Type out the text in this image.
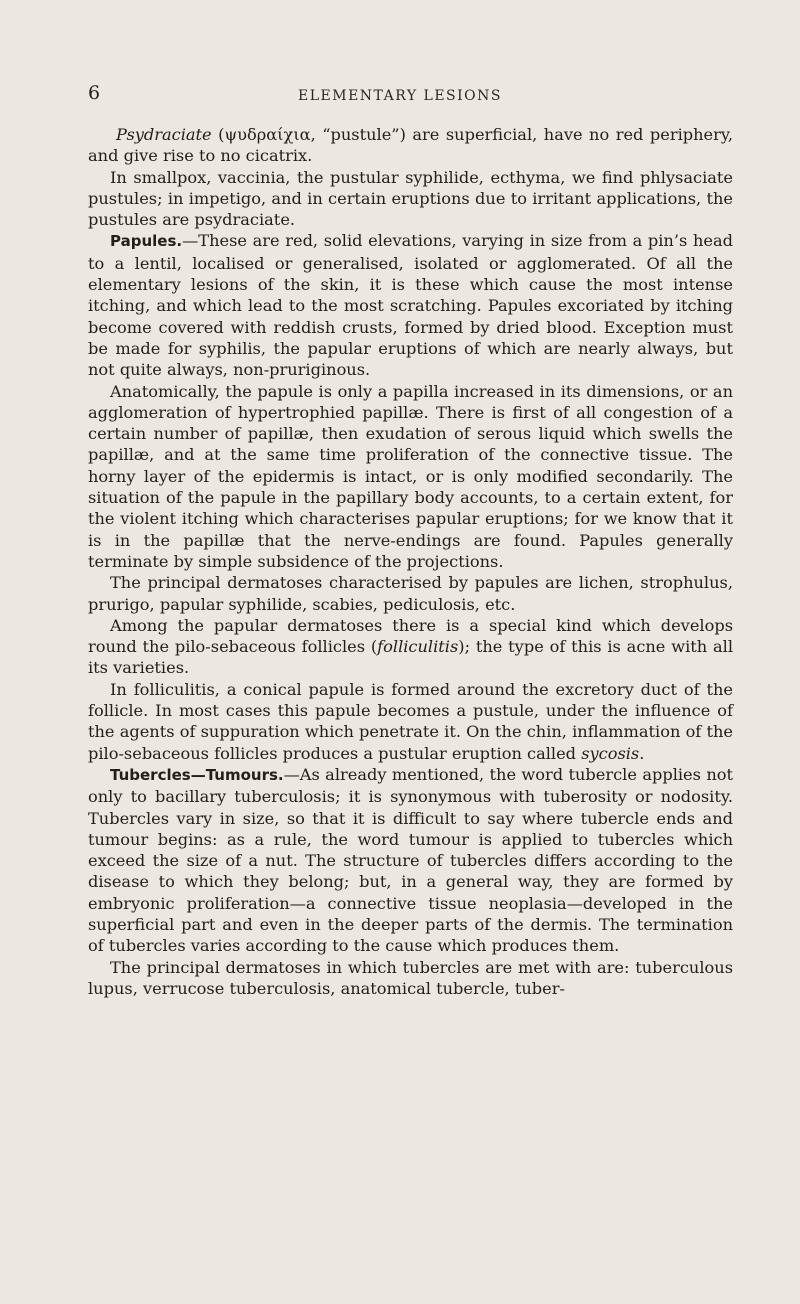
6	ELEMENTARY LESIONS

Psydraciate (ψυδραίχια, “pustule”) are superficial, have no red periphery, and give rise to no cicatrix.

In smallpox, vaccinia, the pustular syphilide, ecthyma, we find phlysaciate pustules; in impetigo, and in certain eruptions due to irritant applications, the pustules are psydraciate.

Papules.—These are red, solid elevations, varying in size from a pin’s head to a lentil, localised or generalised, isolated or agglomerated. Of all the elementary lesions of the skin, it is these which cause the most intense itching, and which lead to the most scratching. Papules excoriated by itching become covered with reddish crusts, formed by dried blood. Exception must be made for syphilis, the papular eruptions of which are nearly always, but not quite always, non-pruriginous.

Anatomically, the papule is only a papilla increased in its dimensions, or an agglomeration of hypertrophied papillæ. There is first of all congestion of a certain number of papillæ, then exudation of serous liquid which swells the papillæ, and at the same time proliferation of the connective tissue. The horny layer of the epidermis is intact, or is only modified secondarily. The situation of the papule in the papillary body accounts, to a certain extent, for the violent itching which characterises papular eruptions; for we know that it is in the papillæ that the nerve-endings are found. Papules generally terminate by simple subsidence of the projections.

The principal dermatoses characterised by papules are lichen, strophulus, prurigo, papular syphilide, scabies, pediculosis, etc.

Among the papular dermatoses there is a special kind which develops round the pilo-sebaceous follicles (folliculitis); the type of this is acne with all its varieties.

In folliculitis, a conical papule is formed around the excretory duct of the follicle. In most cases this papule becomes a pustule, under the influence of the agents of suppuration which penetrate it. On the chin, inflammation of the pilo-sebaceous follicles produces a pustular eruption called sycosis.

Tubercles—Tumours.—As already mentioned, the word tubercle applies not only to bacillary tuberculosis; it is synonymous with tuberosity or nodosity. Tubercles vary in size, so that it is difficult to say where tubercle ends and tumour begins: as a rule, the word tumour is applied to tubercles which exceed the size of a nut. The structure of tubercles differs according to the disease to which they belong; but, in a general way, they are formed by embryonic proliferation—a connective tissue neoplasia—developed in the superficial part and even in the deeper parts of the dermis. The termination of tubercles varies according to the cause which produces them.

The principal dermatoses in which tubercles are met with are: tuberculous lupus, verrucose tuberculosis, anatomical tubercle, tuber-
